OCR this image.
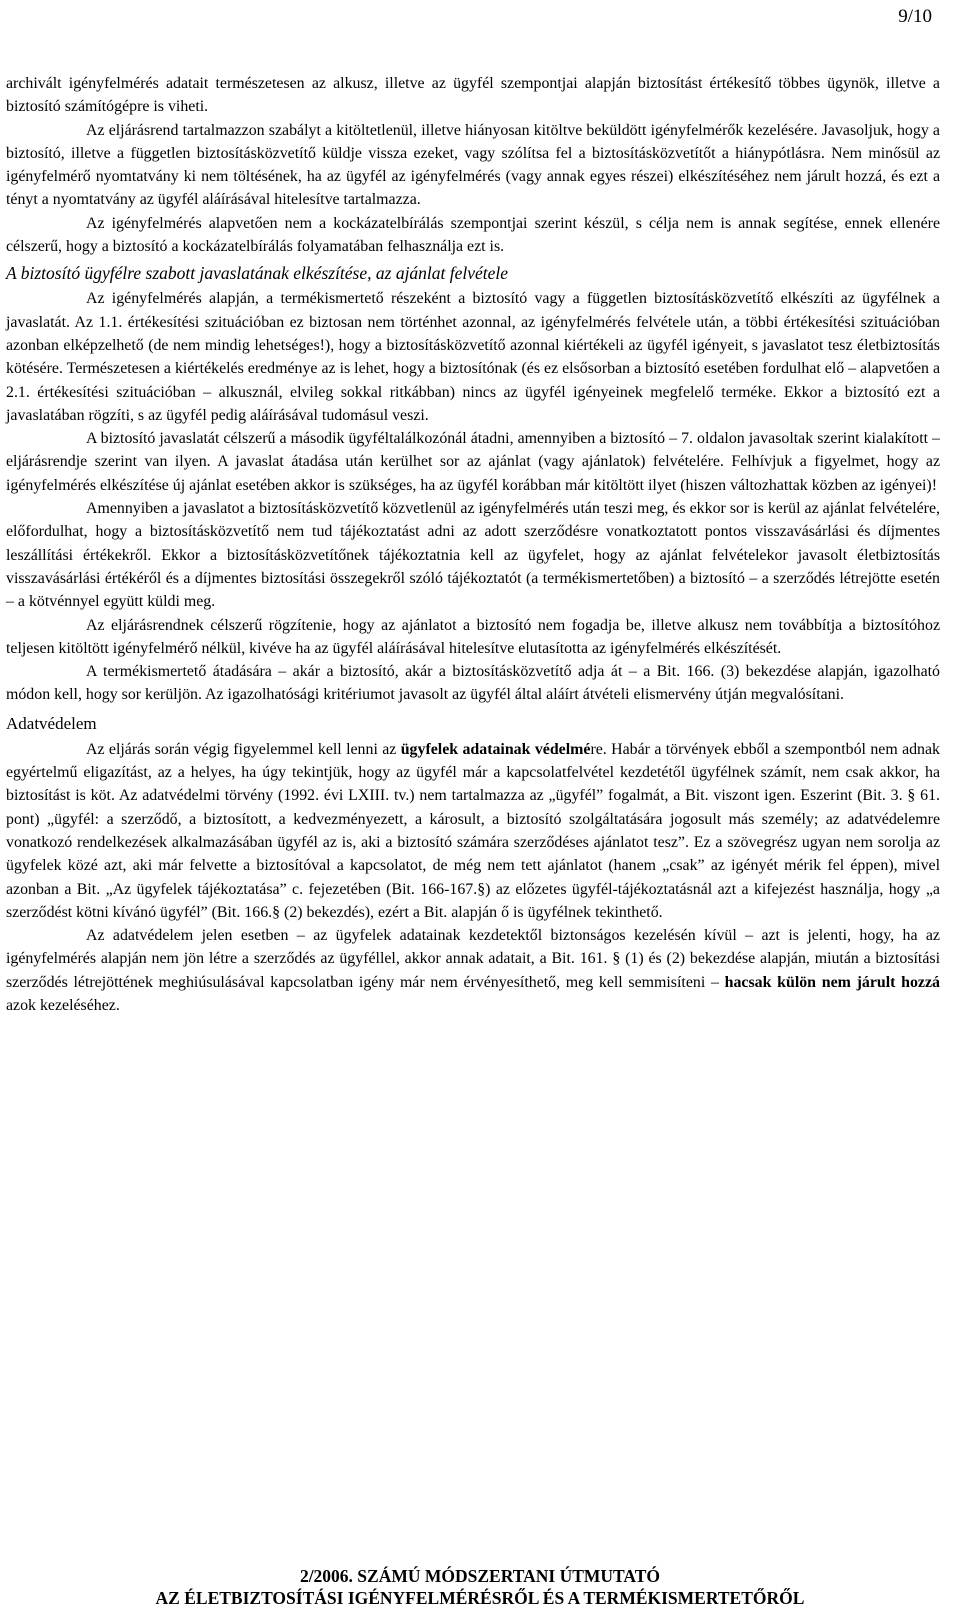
9/10

archivált igényfelmérés adatait természetesen az alkusz, illetve az ügyfél szempontjai alapján biztosítást értékesítő többes ügynök, illetve a biztosító számítógépre is viheti.

Az eljárásrend tartalmazzon szabályt a kitöltetlenül, illetve hiányosan kitöltve beküldött igényfelmérők kezelésére. Javasoljuk, hogy a biztosító, illetve a független biztosításközvetítő küldje vissza ezeket, vagy szólítsa fel a biztosításközvetítőt a hiánypótlásra. Nem minősül az igényfelmérő nyomtatvány ki nem töltésének, ha az ügyfél az igényfelmérés (vagy annak egyes részei) elkészítéséhez nem járult hozzá, és ezt a tényt a nyomtatvány az ügyfél aláírásával hitelesítve tartalmazza.

Az igényfelmérés alapvetően nem a kockázatelbírálás szempontjai szerint készül, s célja nem is annak segítése, ennek ellenére célszerű, hogy a biztosító a kockázatelbírálás folyamatában felhasználja ezt is.

A biztosító ügyfélre szabott javaslatának elkészítése, az ajánlat felvétele

Az igényfelmérés alapján, a termékismertető részeként a biztosító vagy a független biztosításközvetítő elkészíti az ügyfélnek a javaslatát. Az 1.1. értékesítési szituációban ez biztosan nem történhet azonnal, az igényfelmérés felvétele után, a többi értékesítési szituációban azonban elképzelhető (de nem mindig lehetséges!), hogy a biztosításközvetítő azonnal kiértékeli az ügyfél igényeit, s javaslatot tesz életbiztosítás kötésére. Természetesen a kiértékelés eredménye az is lehet, hogy a biztosítónak (és ez elsősorban a biztosító esetében fordulhat elő – alapvetően a 2.1. értékesítési szituációban – alkusznál, elvileg sokkal ritkábban) nincs az ügyfél igényeinek megfelelő terméke. Ekkor a biztosító ezt a javaslatában rögzíti, s az ügyfél pedig aláírásával tudomásul veszi.

A biztosító javaslatát célszerű a második ügyféltalálkozónál átadni, amennyiben a biztosító – 7. oldalon javasoltak szerint kialakított – eljárásrendje szerint van ilyen. A javaslat átadása után kerülhet sor az ajánlat (vagy ajánlatok) felvételére. Felhívjuk a figyelmet, hogy az igényfelmérés elkészítése új ajánlat esetében akkor is szükséges, ha az ügyfél korábban már kitöltött ilyet (hiszen változhattak közben az igényei)!

Amennyiben a javaslatot a biztosításközvetítő közvetlenül az igényfelmérés után teszi meg, és ekkor sor is kerül az ajánlat felvételére, előfordulhat, hogy a biztosításközvetítő nem tud tájékoztatást adni az adott szerződésre vonatkoztatott pontos visszavásárlási és díjmentes leszállítási értékekről. Ekkor a biztosításközvetítőnek tájékoztatnia kell az ügyfelet, hogy az ajánlat felvételekor javasolt életbiztosítás visszavásárlási értékéről és a díjmentes biztosítási összegekről szóló tájékoztatót (a termékismertetőben) a biztosító – a szerződés létrejötte esetén – a kötvénnyel együtt küldi meg.

Az eljárásrendnek célszerű rögzítenie, hogy az ajánlatot a biztosító nem fogadja be, illetve alkusz nem továbbítja a biztosítóhoz teljesen kitöltött igényfelmérő nélkül, kivéve ha az ügyfél aláírásával hitelesítve elutasította az igényfelmérés elkészítését.

A termékismertető átadására – akár a biztosító, akár a biztosításközvetítő adja át – a Bit. 166. (3) bekezdése alapján, igazolható módon kell, hogy sor kerüljön. Az igazolhatósági kritériumot javasolt az ügyfél által aláírt átvételi elismervény útján megvalósítani.

Adatvédelem

Az eljárás során végig figyelemmel kell lenni az ügyfelek adatainak védelmére. Habár a törvények ebből a szempontból nem adnak egyértelmű eligazítást, az a helyes, ha úgy tekintjük, hogy az ügyfél már a kapcsolatfelvétel kezdetétől ügyfélnek számít, nem csak akkor, ha biztosítást is köt. Az adatvédelmi törvény (1992. évi LXIII. tv.) nem tartalmazza az „ügyfél” fogalmát, a Bit. viszont igen. Eszerint (Bit. 3. § 61. pont) „ügyfél: a szerződő, a biztosított, a kedvezményezett, a károsult, a biztosító szolgáltatására jogosult más személy; az adatvédelemre vonatkozó rendelkezések alkalmazásában ügyfél az is, aki a biztosító számára szerződéses ajánlatot tesz”. Ez a szövegrész ugyan nem sorolja az ügyfelek közé azt, aki már felvette a biztosítóval a kapcsolatot, de még nem tett ajánlatot (hanem „csak” az igényét mérik fel éppen), mivel azonban a Bit. „Az ügyfelek tájékoztatása” c. fejezetében (Bit. 166-167.§) az előzetes ügyfél-tájékoztatásnál azt a kifejezést használja, hogy „a szerződést kötni kívánó ügyfél” (Bit. 166.§ (2) bekezdés), ezért a Bit. alapján ő is ügyfélnek tekinthető.

Az adatvédelem jelen esetben – az ügyfelek adatainak kezdetektől biztonságos kezelésén kívül – azt is jelenti, hogy, ha az igényfelmérés alapján nem jön létre a szerződés az ügyféllel, akkor annak adatait, a Bit. 161. § (1) és (2) bekezdése alapján, miután a biztosítási szerződés létrejöttének meghiúsulásával kapcsolatban igény már nem érvényesíthető, meg kell semmisíteni – hacsak külön nem járult hozzá azok kezeléséhez.

2/2006. SZÁMÚ MÓDSZERTANI ÚTMUTATÓ
AZ ÉLETBIZTOSÍTÁSI IGÉNYFELMÉRÉSRŐL ÉS A TERMÉKISMERTETŐRŐL
